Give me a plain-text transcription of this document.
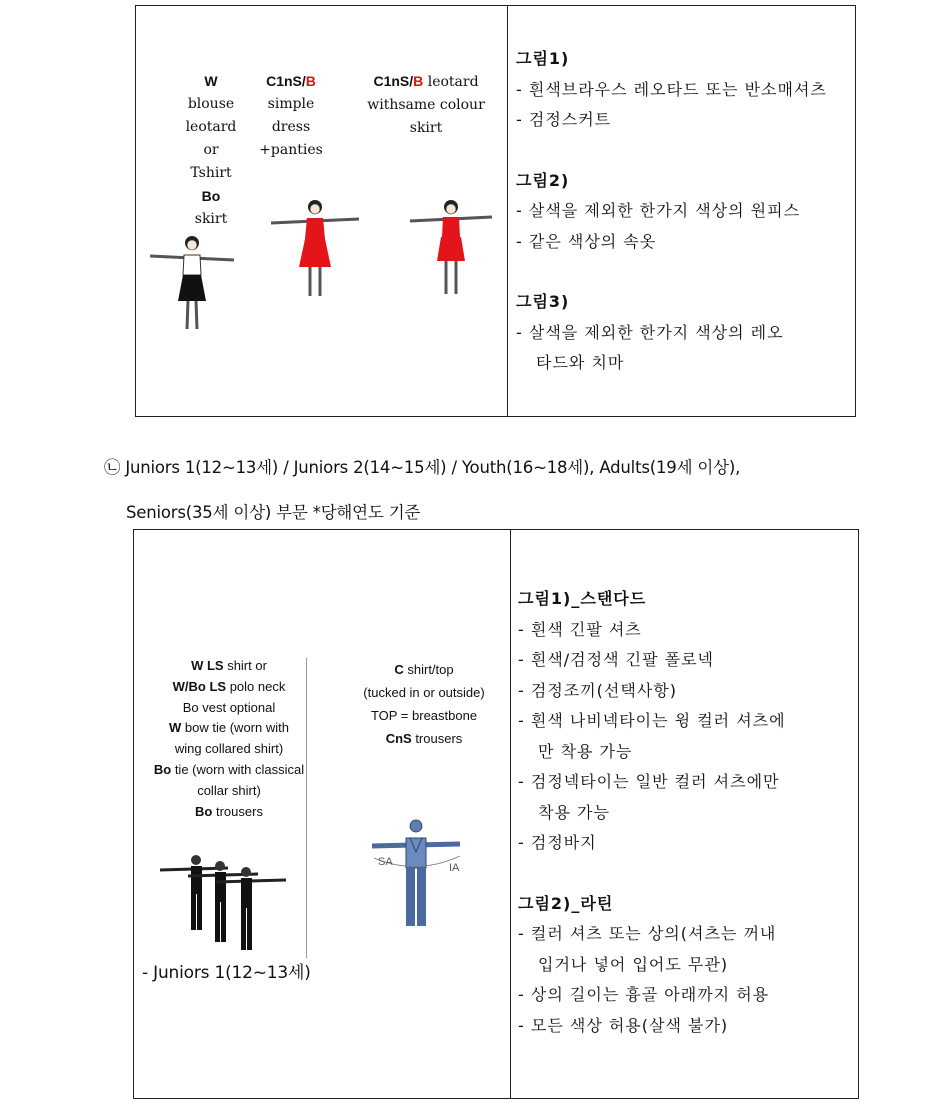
W
blouse
leotard
or
Tshirt
Bo
skirt
C1nS/B
simple
dress
+panties
C1nS/B leotard
withsame colour
skirt
그림1)
- 흰색브라우스 레오타드 또는 반소매셔츠
- 검정스커트
그림2)
- 살색을 제외한 한가지 색상의 원피스
- 같은 색상의 속옷
그림3)
- 살색을 제외한 한가지 색상의 레오
타드와 치마
㉡ Juniors 1(12~13세) / Juniors 2(14~15세) / Youth(16~18세), Adults(19세 이상),
Seniors(35세 이상) 부문 *당해연도 기준
W LS shirt or
W/Bo LS polo neck
Bo vest optional
W bow tie (worn with
wing collared shirt)
Bo tie (worn with classical
collar shirt)
Bo trousers
- Juniors 1(12~13세)
C shirt/top
(tucked in or outside)
TOP = breastbone
CnS trousers
SA	IA
그림1)_스탠다드
- 흰색 긴팔 셔츠
- 흰색/검정색 긴팔 폴로넥
- 검정조끼(선택사항)
- 흰색 나비넥타이는 윙 컬러 셔츠에
만 착용 가능
- 검정넥타이는 일반 컬러 셔츠에만
착용 가능
- 검정바지
그림2)_라틴
- 컬러 셔츠 또는 상의(셔츠는 꺼내
입거나 넣어 입어도 무관)
- 상의 길이는 흉골 아래까지 허용
- 모든 색상 허용(살색 불가)
